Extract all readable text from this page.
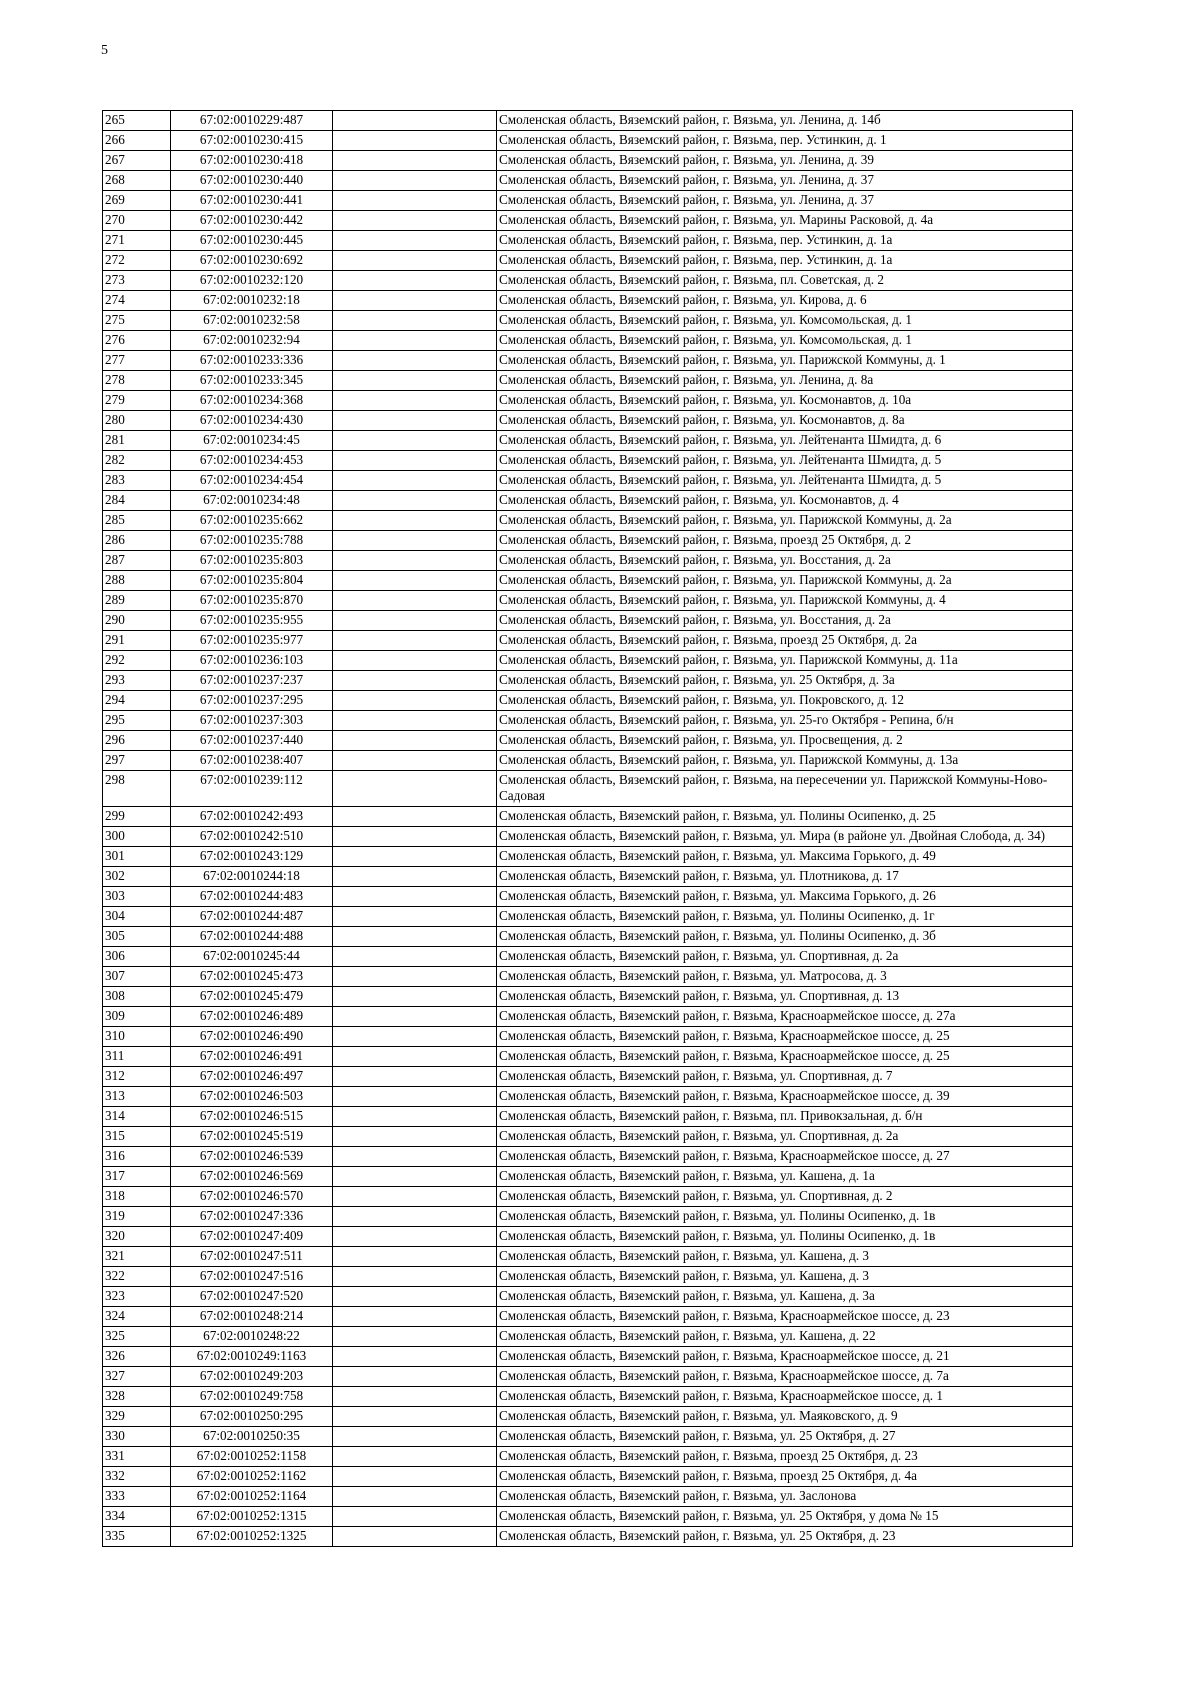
5
265	67:02:0010229:487		Смоленская область, Вяземский район, г. Вязьма, ул. Ленина, д. 14б
266	67:02:0010230:415		Смоленская область, Вяземский район, г. Вязьма, пер. Устинкин, д. 1
267	67:02:0010230:418		Смоленская область, Вяземский район, г. Вязьма, ул. Ленина, д. 39
268	67:02:0010230:440		Смоленская область, Вяземский район, г. Вязьма, ул. Ленина, д. 37
269	67:02:0010230:441		Смоленская область, Вяземский район, г. Вязьма, ул. Ленина, д. 37
270	67:02:0010230:442		Смоленская область, Вяземский район, г. Вязьма, ул. Марины Расковой, д. 4а
271	67:02:0010230:445		Смоленская область, Вяземский район, г. Вязьма, пер. Устинкин, д. 1а
272	67:02:0010230:692		Смоленская область, Вяземский район, г. Вязьма, пер. Устинкин, д. 1а
273	67:02:0010232:120		Смоленская область, Вяземский район, г. Вязьма, пл. Советская, д. 2
274	67:02:0010232:18		Смоленская область, Вяземский район, г. Вязьма, ул. Кирова, д. 6
275	67:02:0010232:58		Смоленская область, Вяземский район, г. Вязьма, ул. Комсомольская, д. 1
276	67:02:0010232:94		Смоленская область, Вяземский район, г. Вязьма, ул. Комсомольская, д. 1
277	67:02:0010233:336		Смоленская область, Вяземский район, г. Вязьма, ул. Парижской Коммуны, д. 1
278	67:02:0010233:345		Смоленская область, Вяземский район, г. Вязьма, ул. Ленина, д. 8а
279	67:02:0010234:368		Смоленская область, Вяземский район, г. Вязьма, ул. Космонавтов, д. 10а
280	67:02:0010234:430		Смоленская область, Вяземский район, г. Вязьма, ул. Космонавтов, д. 8а
281	67:02:0010234:45		Смоленская область, Вяземский район, г. Вязьма, ул. Лейтенанта Шмидта, д. 6
282	67:02:0010234:453		Смоленская область, Вяземский район, г. Вязьма, ул. Лейтенанта Шмидта, д. 5
283	67:02:0010234:454		Смоленская область, Вяземский район, г. Вязьма, ул. Лейтенанта Шмидта, д. 5
284	67:02:0010234:48		Смоленская область, Вяземский район, г. Вязьма, ул. Космонавтов, д. 4
285	67:02:0010235:662		Смоленская область, Вяземский район, г. Вязьма, ул. Парижской Коммуны, д. 2а
286	67:02:0010235:788		Смоленская область, Вяземский район, г. Вязьма, проезд 25 Октября, д. 2
287	67:02:0010235:803		Смоленская область, Вяземский район, г. Вязьма, ул. Восстания, д. 2а
288	67:02:0010235:804		Смоленская область, Вяземский район, г. Вязьма, ул. Парижской Коммуны, д. 2а
289	67:02:0010235:870		Смоленская область, Вяземский район, г. Вязьма, ул. Парижской Коммуны, д. 4
290	67:02:0010235:955		Смоленская область, Вяземский район, г. Вязьма, ул. Восстания, д. 2а
291	67:02:0010235:977		Смоленская область, Вяземский район, г. Вязьма, проезд 25 Октября, д. 2а
292	67:02:0010236:103		Смоленская область, Вяземский район, г. Вязьма, ул. Парижской Коммуны, д. 11а
293	67:02:0010237:237		Смоленская область, Вяземский район, г. Вязьма, ул. 25 Октября, д. 3а
294	67:02:0010237:295		Смоленская область, Вяземский район, г. Вязьма, ул. Покровского, д. 12
295	67:02:0010237:303		Смоленская область, Вяземский район, г. Вязьма, ул. 25-го Октября - Репина, б/н
296	67:02:0010237:440		Смоленская область, Вяземский район, г. Вязьма, ул. Просвещения, д. 2
297	67:02:0010238:407		Смоленская область, Вяземский район, г. Вязьма, ул. Парижской Коммуны, д. 13а
298	67:02:0010239:112		Смоленская область, Вяземский район, г. Вязьма, на пересечении ул. Парижской Коммуны-Ново-Садовая
299	67:02:0010242:493		Смоленская область, Вяземский район, г. Вязьма, ул. Полины Осипенко, д. 25
300	67:02:0010242:510		Смоленская область, Вяземский район, г. Вязьма, ул. Мира (в районе ул. Двойная Слобода, д. 34)
301	67:02:0010243:129		Смоленская область, Вяземский район, г. Вязьма, ул. Максима Горького, д. 49
302	67:02:0010244:18		Смоленская область, Вяземский район, г. Вязьма, ул. Плотникова, д. 17
303	67:02:0010244:483		Смоленская область, Вяземский район, г. Вязьма, ул. Максима Горького, д. 26
304	67:02:0010244:487		Смоленская область, Вяземский район, г. Вязьма, ул. Полины Осипенко, д. 1г
305	67:02:0010244:488		Смоленская область, Вяземский район, г. Вязьма, ул. Полины Осипенко, д. 3б
306	67:02:0010245:44		Смоленская область, Вяземский район, г. Вязьма, ул. Спортивная, д. 2а
307	67:02:0010245:473		Смоленская область, Вяземский район, г. Вязьма, ул. Матросова, д. 3
308	67:02:0010245:479		Смоленская область, Вяземский район, г. Вязьма, ул. Спортивная, д. 13
309	67:02:0010246:489		Смоленская область, Вяземский район, г. Вязьма, Красноармейское шоссе, д. 27а
310	67:02:0010246:490		Смоленская область, Вяземский район, г. Вязьма, Красноармейское шоссе, д. 25
311	67:02:0010246:491		Смоленская область, Вяземский район, г. Вязьма, Красноармейское шоссе, д. 25
312	67:02:0010246:497		Смоленская область, Вяземский район, г. Вязьма, ул. Спортивная, д. 7
313	67:02:0010246:503		Смоленская область, Вяземский район, г. Вязьма, Красноармейское шоссе, д. 39
314	67:02:0010246:515		Смоленская область, Вяземский район, г. Вязьма, пл. Привокзальная, д. б/н
315	67:02:0010245:519		Смоленская область, Вяземский район, г. Вязьма, ул. Спортивная, д. 2а
316	67:02:0010246:539		Смоленская область, Вяземский район, г. Вязьма, Красноармейское шоссе, д. 27
317	67:02:0010246:569		Смоленская область, Вяземский район, г. Вязьма, ул. Кашена, д. 1а
318	67:02:0010246:570		Смоленская область, Вяземский район, г. Вязьма, ул. Спортивная, д. 2
319	67:02:0010247:336		Смоленская область, Вяземский район, г. Вязьма, ул. Полины Осипенко, д. 1в
320	67:02:0010247:409		Смоленская область, Вяземский район, г. Вязьма, ул. Полины Осипенко, д. 1в
321	67:02:0010247:511		Смоленская область, Вяземский район, г. Вязьма, ул. Кашена, д. 3
322	67:02:0010247:516		Смоленская область, Вяземский район, г. Вязьма, ул. Кашена, д. 3
323	67:02:0010247:520		Смоленская область, Вяземский район, г. Вязьма, ул. Кашена, д. 3а
324	67:02:0010248:214		Смоленская область, Вяземский район, г. Вязьма, Красноармейское шоссе, д. 23
325	67:02:0010248:22		Смоленская область, Вяземский район, г. Вязьма, ул. Кашена, д. 22
326	67:02:0010249:1163		Смоленская область, Вяземский район, г. Вязьма, Красноармейское шоссе, д. 21
327	67:02:0010249:203		Смоленская область, Вяземский район, г. Вязьма, Красноармейское шоссе, д. 7а
328	67:02:0010249:758		Смоленская область, Вяземский район, г. Вязьма, Красноармейское шоссе, д. 1
329	67:02:0010250:295		Смоленская область, Вяземский район, г. Вязьма, ул. Маяковского, д. 9
330	67:02:0010250:35		Смоленская область, Вяземский район, г. Вязьма, ул. 25 Октября, д. 27
331	67:02:0010252:1158		Смоленская область, Вяземский район, г. Вязьма, проезд 25 Октября, д. 23
332	67:02:0010252:1162		Смоленская область, Вяземский район, г. Вязьма, проезд 25 Октября, д. 4а
333	67:02:0010252:1164		Смоленская область, Вяземский район, г. Вязьма, ул. Заслонова
334	67:02:0010252:1315		Смоленская область, Вяземский район, г. Вязьма, ул. 25 Октября, у дома № 15
335	67:02:0010252:1325		Смоленская область, Вяземский район, г. Вязьма, ул. 25 Октября, д. 23
